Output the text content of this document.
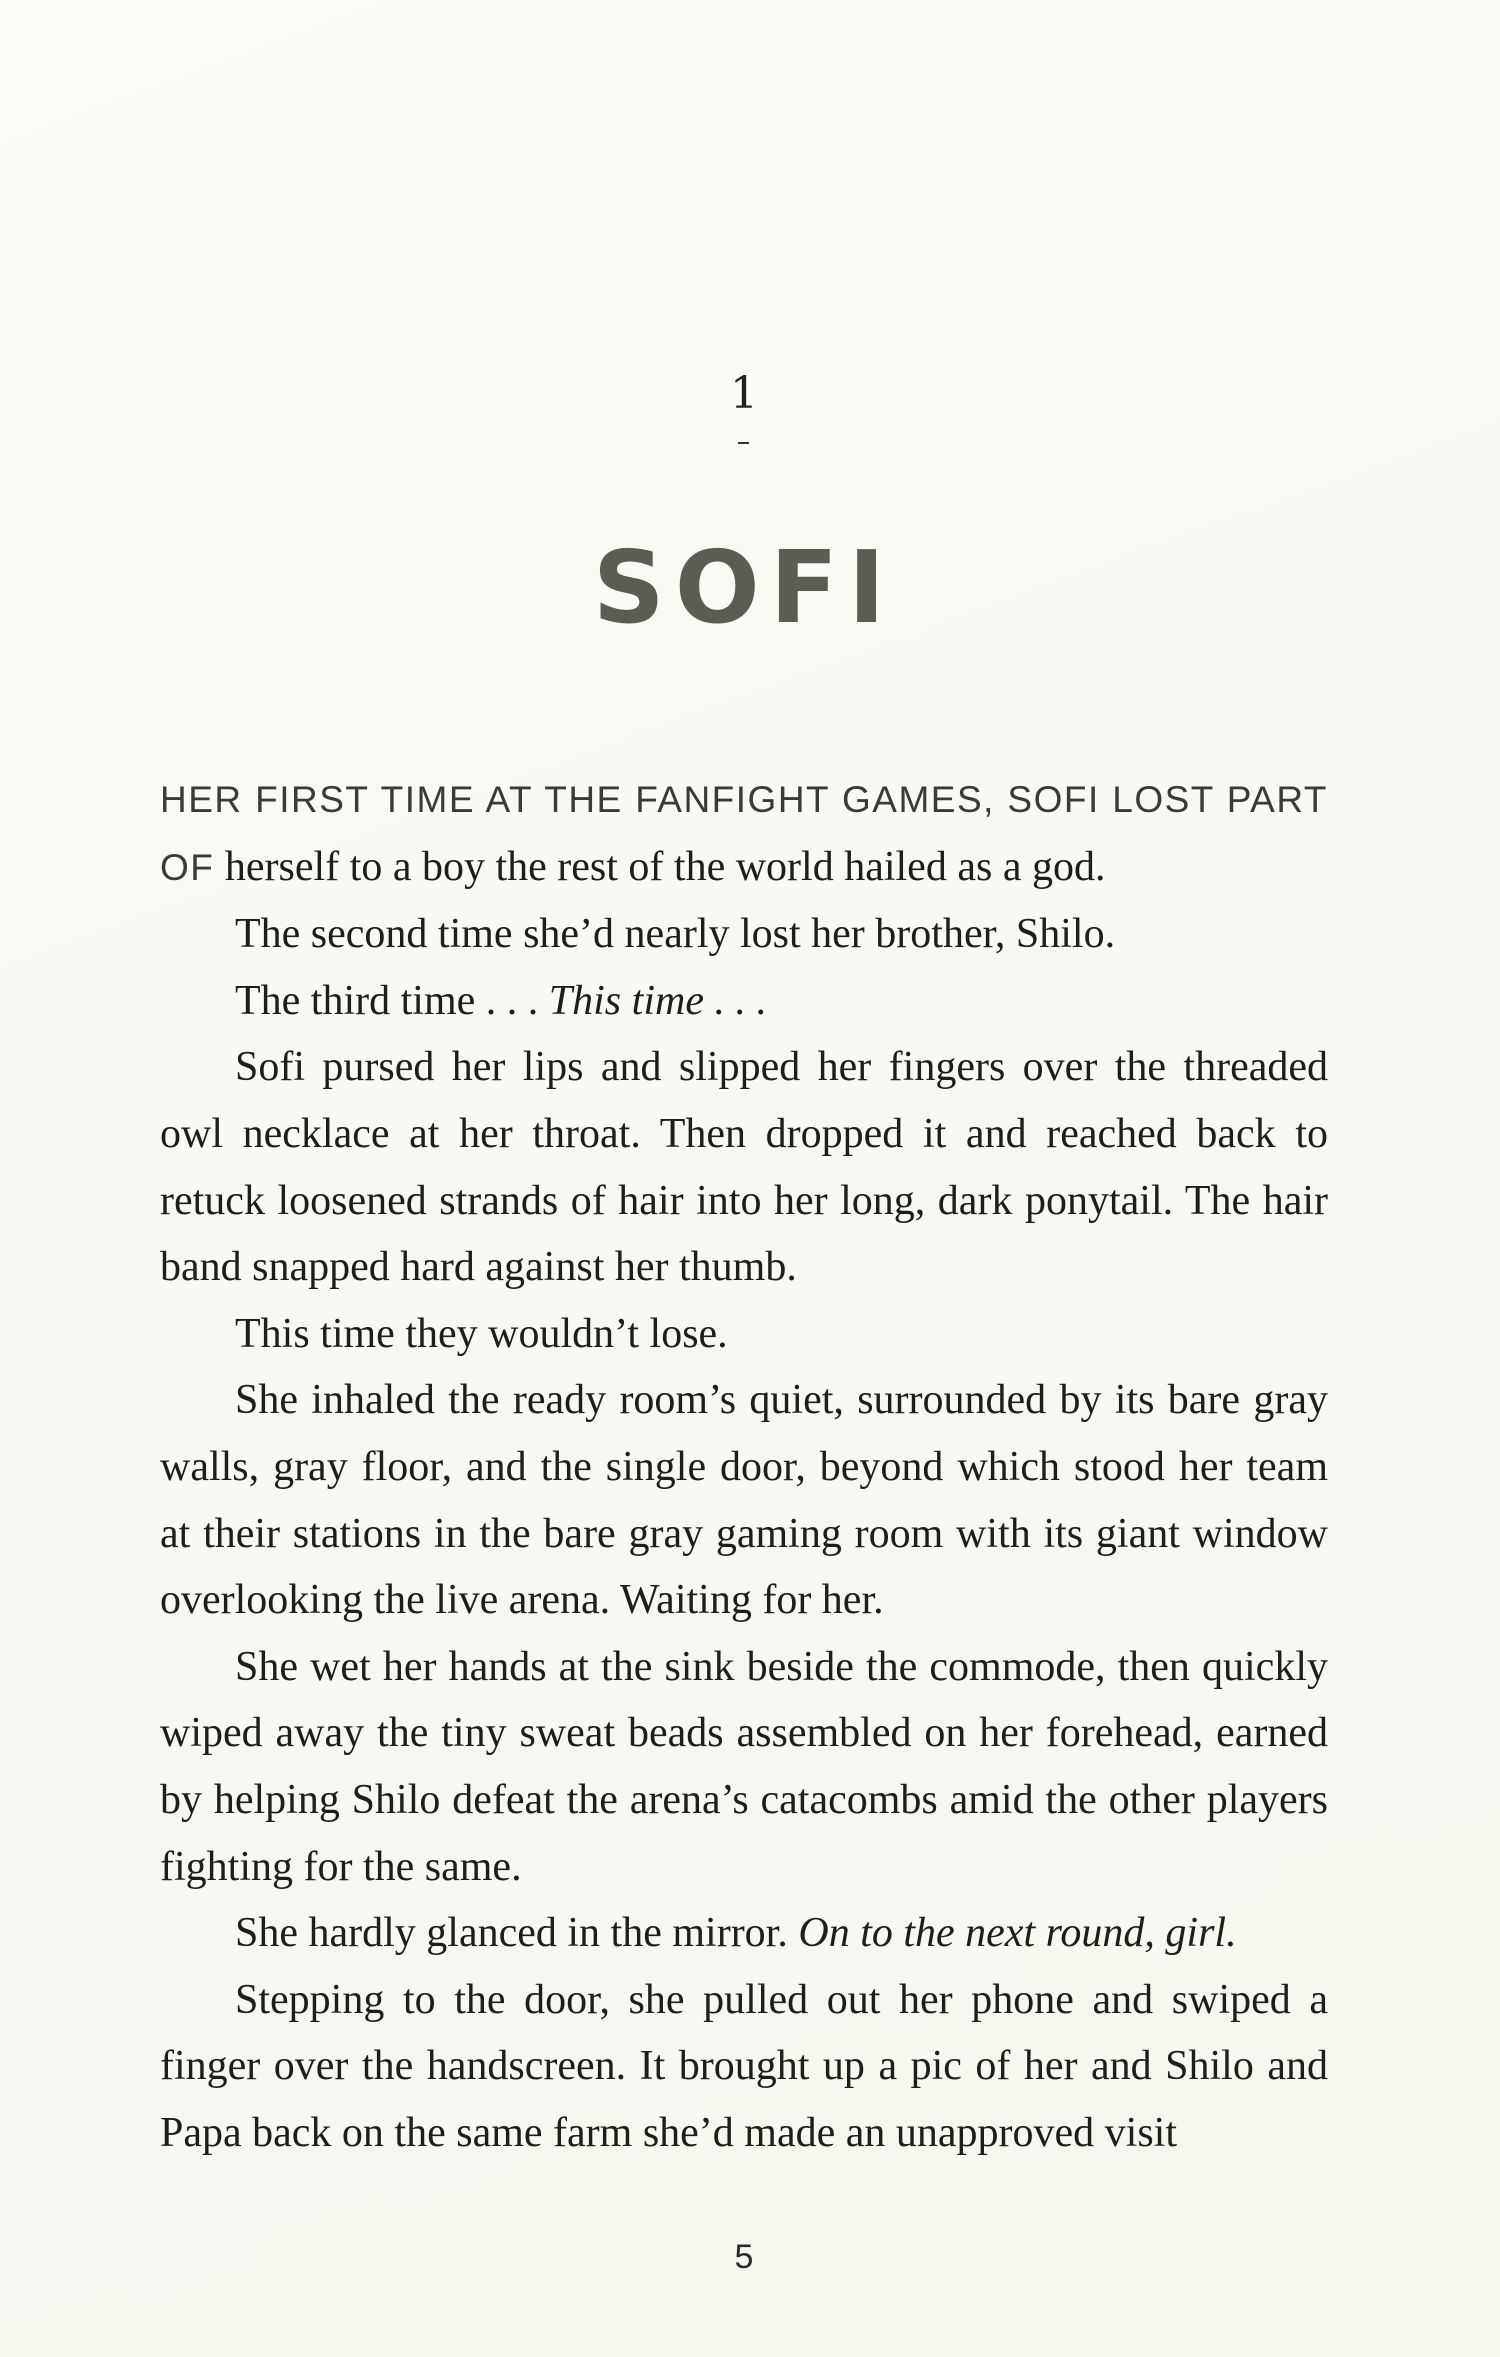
1
SOFI

HER FIRST TIME AT THE FANFIGHT GAMES, SOFI LOST PART OF herself to a boy the rest of the world hailed as a god.

The second time she’d nearly lost her brother, Shilo.

The third time . . . This time . . .

Sofi pursed her lips and slipped her fingers over the threaded owl necklace at her throat. Then dropped it and reached back to retuck loosened strands of hair into her long, dark ponytail. The hair band snapped hard against her thumb.

This time they wouldn’t lose.

She inhaled the ready room’s quiet, surrounded by its bare gray walls, gray floor, and the single door, beyond which stood her team at their stations in the bare gray gaming room with its giant window overlooking the live arena. Waiting for her.

She wet her hands at the sink beside the commode, then quickly wiped away the tiny sweat beads assembled on her forehead, earned by helping Shilo defeat the arena’s catacombs amid the other players fighting for the same.

She hardly glanced in the mirror. On to the next round, girl.

Stepping to the door, she pulled out her phone and swiped a finger over the handscreen. It brought up a pic of her and Shilo and Papa back on the same farm she’d made an unapproved visit

5
